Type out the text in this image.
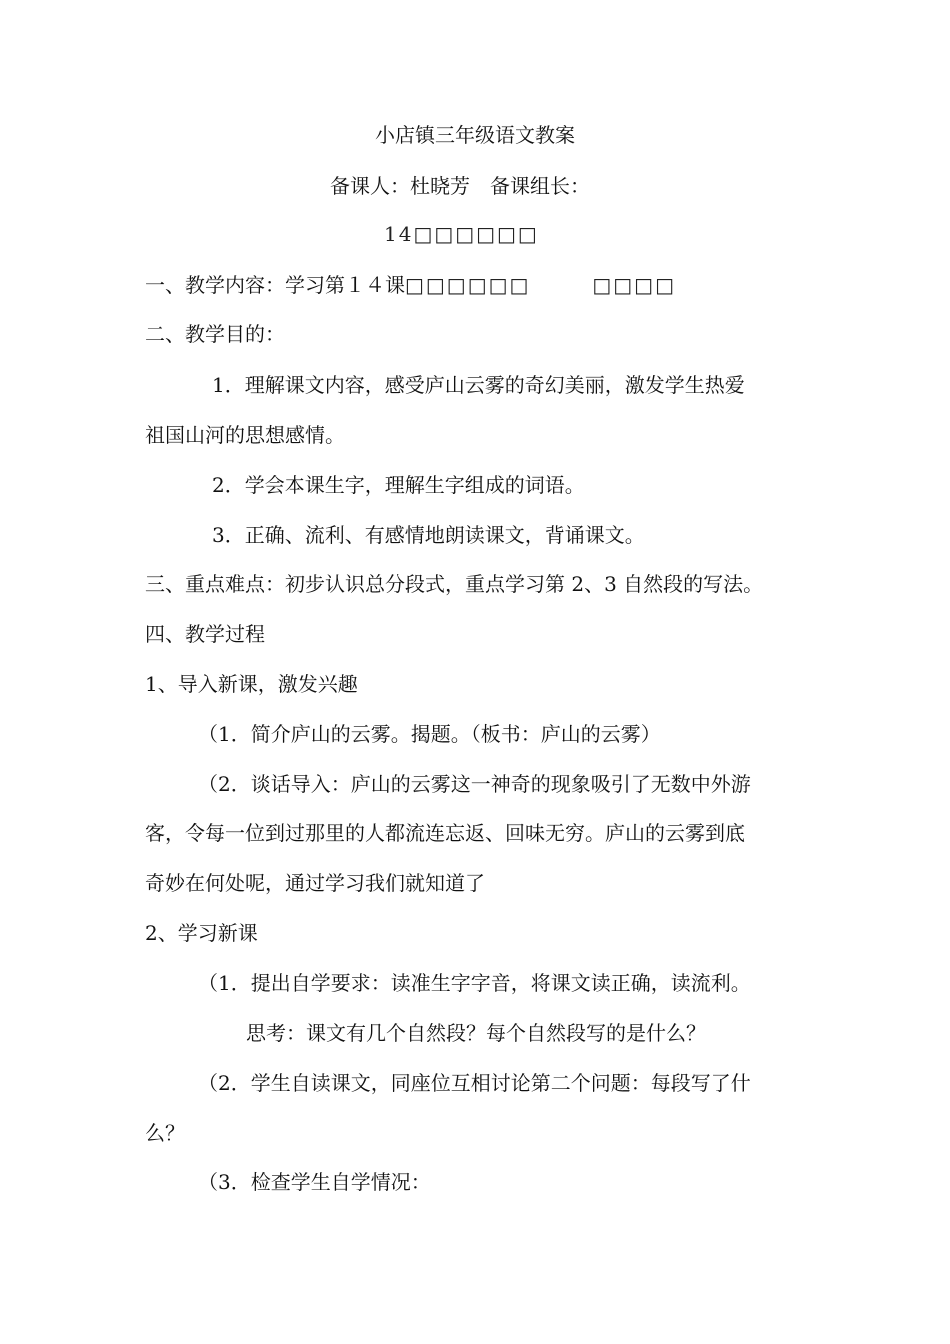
小店镇三年级语文教案
备课人：杜晓芳　备课组长：
14□□□□□□
一、教学内容：学习第１４课□□□□□□	□□□□
二、教学目的：
1．理解课文内容，感受庐山云雾的奇幻美丽，激发学生热爱
祖国山河的思想感情。
2．学会本课生字，理解生字组成的词语。
3．正确、流利、有感情地朗读课文，背诵课文。
三、重点难点：初步认识总分段式，重点学习第 2、3 自然段的写法。
四、教学过程
1、导入新课，激发兴趣
（1．简介庐山的云雾。揭题。（板书：庐山的云雾）
（2．谈话导入：庐山的云雾这一神奇的现象吸引了无数中外游
客，令每一位到过那里的人都流连忘返、回味无穷。庐山的云雾到底
奇妙在何处呢，通过学习我们就知道了
2、学习新课
（1．提出自学要求：读准生字字音，将课文读正确，读流利。
思考：课文有几个自然段？每个自然段写的是什么？
（2．学生自读课文，同座位互相讨论第二个问题：每段写了什
么？
（3．检查学生自学情况：
